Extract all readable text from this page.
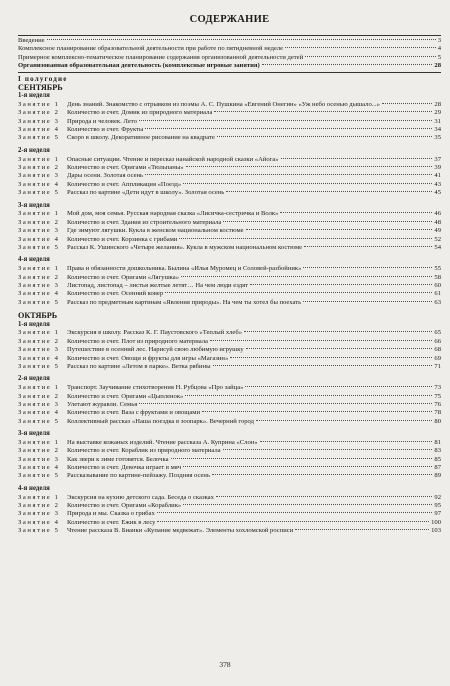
СОДЕРЖАНИЕ
Введение	3
Комплексное планирование образовательной деятельности при работе по пятидневной неделе	4
Примерное комплексно-тематическое планирование содержания организованной деятельности детей	5
Организованная образовательная деятельность (комплексные игровые занятия)	28
I полугодие
СЕНТЯБРЬ
1-я неделя
Занятие 1 День знаний. Знакомство с отрывком из поэмы А. С. Пушкина «Евгений Онегин» «Уж небо осенью дышало...»	28
Занятие 2 Количество и счет. Домик из природного материала	29
Занятие 3 Природа и человек. Лето	31
Занятие 4 Количество и счет. Фрукты	34
Занятие 5 Скоро в школу. Декоративное рисование на квадрате	35
2-я неделя
Занятие 1 Опасные ситуации. Чтение и пересказ нанайской народной сказки «Айога»	37
Занятие 2 Количество и счет. Оригами «Тюльпаны»	39
Занятие 3 Дары осени. Золотая осень	41
Занятие 4 Количество и счет. Аппликация «Поезд»	43
Занятие 5 Рассказ по картине «Дети идут в школу». Золотая осень	45
3-я неделя
Занятие 1 Мой дом, моя семья. Русская народная сказка «Лисичка-сестричка и Волк»	46
Занятие 2 Количество и счет. Здания из строительного материала	48
Занятие 3 Где зимуют лягушки. Кукла в женском национальном костюме	49
Занятие 4 Количество и счет. Корзинка с грибами	52
Занятие 5 Рассказ К. Ушинского «Четыре желания». Кукла в мужском национальном костюме	54
4-я неделя
Занятие 1 Права и обязанности дошкольника. Былина «Илья Муромец и Соловей-разбойник»	55
Занятие 2 Количество и счет. Оригами «Лягушка»	58
Занятие 3 Листопад, листопад – листья желтые летят… На чем люди ездят	60
Занятие 4 Количество и счет. Осенний ковер	61
Занятие 5 Рассказ по предметным картинам «Явления природы». На чем ты хотел бы поехать	63
ОКТЯБРЬ
1-я неделя
Занятие 1 Экскурсия в школу. Рассказ К. Г. Паустовского «Теплый хлеб»	65
Занятие 2 Количество и счет. Плот из природного материала	66
Занятие 3 Путешествие в осенний лес. Нарисуй свою любимую игрушку	68
Занятие 4 Количество и счет. Овощи и фрукты для игры «Магазин»	69
Занятие 5 Рассказ по картине «Летом в парке». Ветка рябины	71
2-я неделя
Занятие 1 Транспорт. Заучивание стихотворения Н. Рубцова «Про зайца»	73
Занятие 2 Количество и счет. Оригами «Цыпленок»	75
Занятие 3 Улетают журавли. Семья	76
Занятие 4 Количество и счет. Ваза с фруктами и овощами	78
Занятие 5 Коллективный рассказ «Наша поездка в зоопарк». Вечерний город	80
3-я неделя
Занятие 1 На выставке кожаных изделий. Чтение рассказа А. Куприна «Слон»	81
Занятие 2 Количество и счет. Кораблик из природного материала	83
Занятие 3 Как звери к зиме готовятся. Белочка	85
Занятие 4 Количество и счет. Девочка играет в мяч	87
Занятие 5 Рассказывание по картине-пейзажу. Поздняя осень	89
4-я неделя
Занятие 1 Экскурсия на кухню детского сада. Беседа о сказках	92
Занятие 2 Количество и счет. Оригами «Кораблик»	95
Занятие 3 Природа и мы. Сказка о грибах	97
Занятие 4 Количество и счет. Ежик в лесу	100
Занятие 5 Чтение рассказа В. Бианки «Купание медвежат». Элементы хохломской росписи	103
378
